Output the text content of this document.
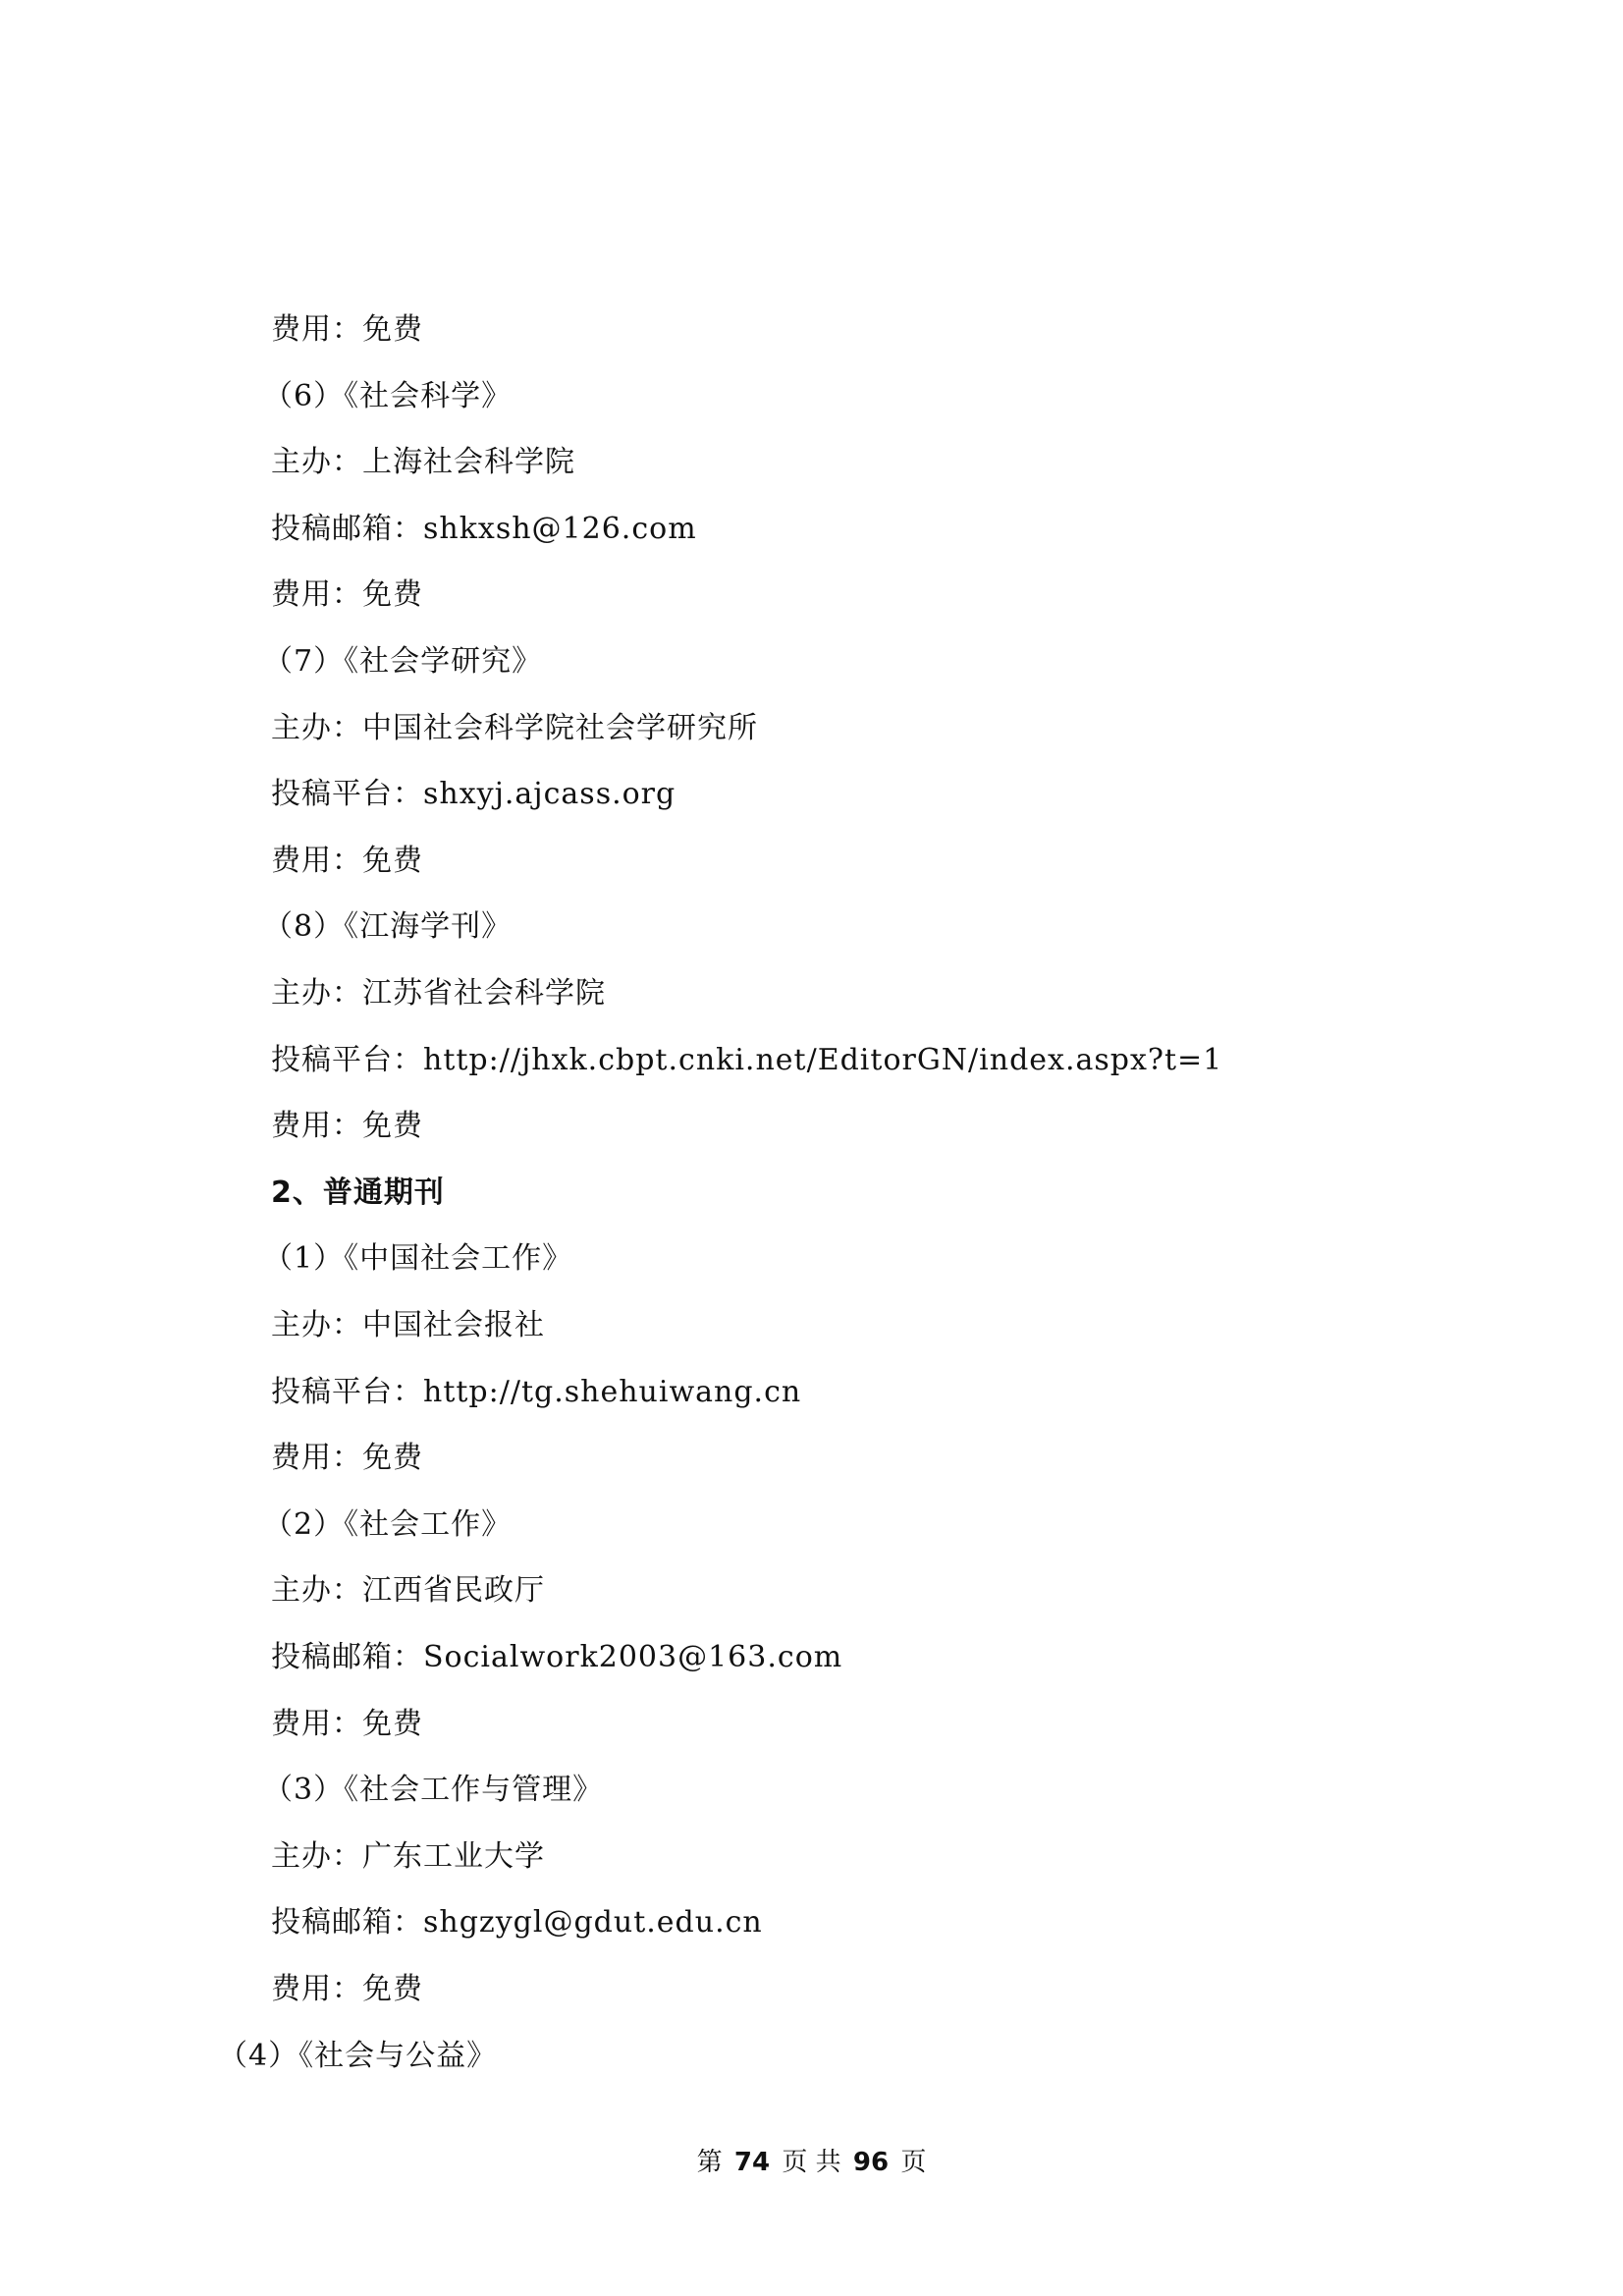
费用：免费
（6）《社会科学》
主办：上海社会科学院
投稿邮箱：shkxsh@126.com
费用：免费
（7）《社会学研究》
主办：中国社会科学院社会学研究所
投稿平台：shxyj.ajcass.org
费用：免费
（8）《江海学刊》
主办：江苏省社会科学院
投稿平台：http://jhxk.cbpt.cnki.net/EditorGN/index.aspx?t=1
费用：免费
2、普通期刊
（1）《中国社会工作》
主办：中国社会报社
投稿平台：http://tg.shehuiwang.cn
费用：免费
（2）《社会工作》
主办：江西省民政厅
投稿邮箱：Socialwork2003@163.com
费用：免费
（3）《社会工作与管理》
主办：广东工业大学
投稿邮箱：shgzygl@gdut.edu.cn
费用：免费
（4）《社会与公益》
第 74 页 共 96 页
